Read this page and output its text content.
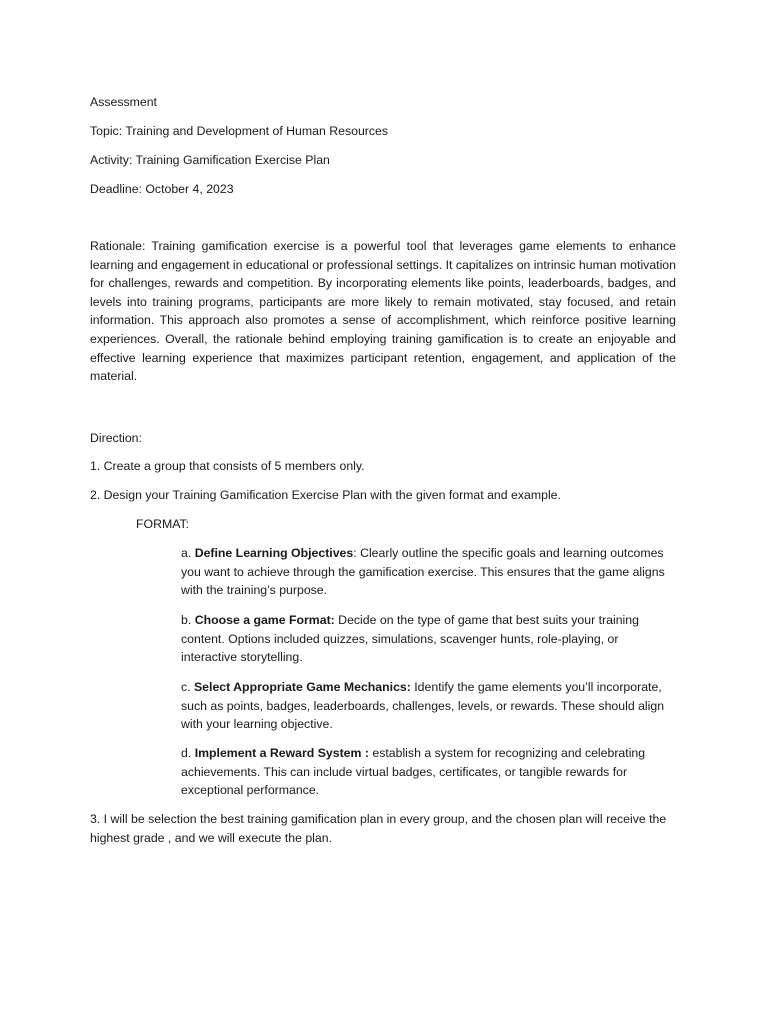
Assessment
Topic: Training and Development of Human Resources
Activity: Training Gamification Exercise Plan
Deadline: October 4, 2023

Rationale: Training gamification exercise is a powerful tool that leverages game elements to enhance learning and engagement in educational or professional settings. It capitalizes on intrinsic human motivation for challenges, rewards and competition. By incorporating elements like points, leaderboards, badges, and levels into training programs, participants are more likely to remain motivated, stay focused, and retain information. This approach also promotes a sense of accomplishment, which reinforce positive learning experiences. Overall, the rationale behind employing training gamification is to create an enjoyable and effective learning experience that maximizes participant retention, engagement, and application of the material.

Direction:
1. Create a group that consists of 5 members only.
2. Design your Training Gamification Exercise Plan with the given format and example.
FORMAT:

a. Define Learning Objectives: Clearly outline the specific goals and learning outcomes you want to achieve through the gamification exercise. This ensures that the game aligns with the training’s purpose.

b. Choose a game Format: Decide on the type of game that best suits your training content. Options included quizzes, simulations, scavenger hunts, role-playing, or interactive storytelling.

c. Select Appropriate Game Mechanics: Identify the game elements you’ll incorporate, such as points, badges, leaderboards, challenges, levels, or rewards. These should align with your learning objective.

d. Implement a Reward System : establish a system for recognizing and celebrating achievements. This can include virtual badges, certificates, or tangible rewards for exceptional performance.

3. I will be selection the best training gamification plan in every group, and the chosen plan will receive the highest grade , and we will execute the plan.
